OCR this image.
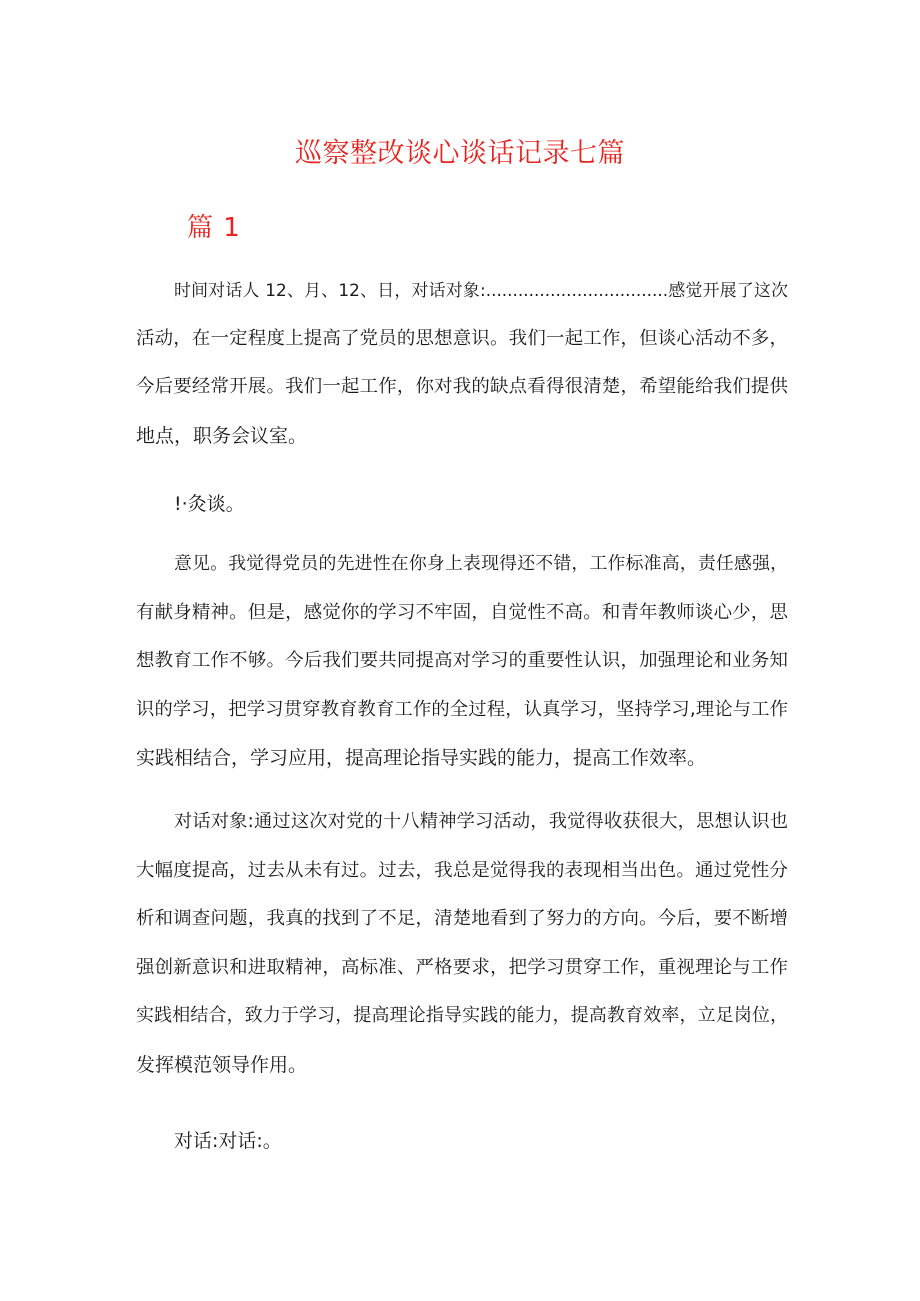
巡察整改谈心谈话记录七篇
篇 1

时间对话人 12、月、12、日，对话对象:..................................感觉开展了这次
活动，在一定程度上提高了党员的思想意识。我们一起工作，但谈心活动不多，
今后要经常开展。我们一起工作，你对我的缺点看得很清楚，希望能给我们提供
地点，职务会议室。

!·灸谈。

意见。我觉得党员的先进性在你身上表现得还不错，工作标准高，责任感强，
有献身精神。但是，感觉你的学习不牢固，自觉性不高。和青年教师谈心少，思
想教育工作不够。今后我们要共同提高对学习的重要性认识，加强理论和业务知
识的学习，把学习贯穿教育教育工作的全过程，认真学习，坚持学习,理论与工作
实践相结合，学习应用，提高理论指导实践的能力，提高工作效率。

对话对象:通过这次对党的十八精神学习活动，我觉得收获很大，思想认识也
大幅度提高，过去从未有过。过去，我总是觉得我的表现相当出色。通过党性分
析和调查问题，我真的找到了不足，清楚地看到了努力的方向。今后，要不断增
强创新意识和进取精神，高标准、严格要求，把学习贯穿工作，重视理论与工作
实践相结合，致力于学习，提高理论指导实践的能力，提高教育效率，立足岗位，
发挥模范领导作用。

对话:对话:。
